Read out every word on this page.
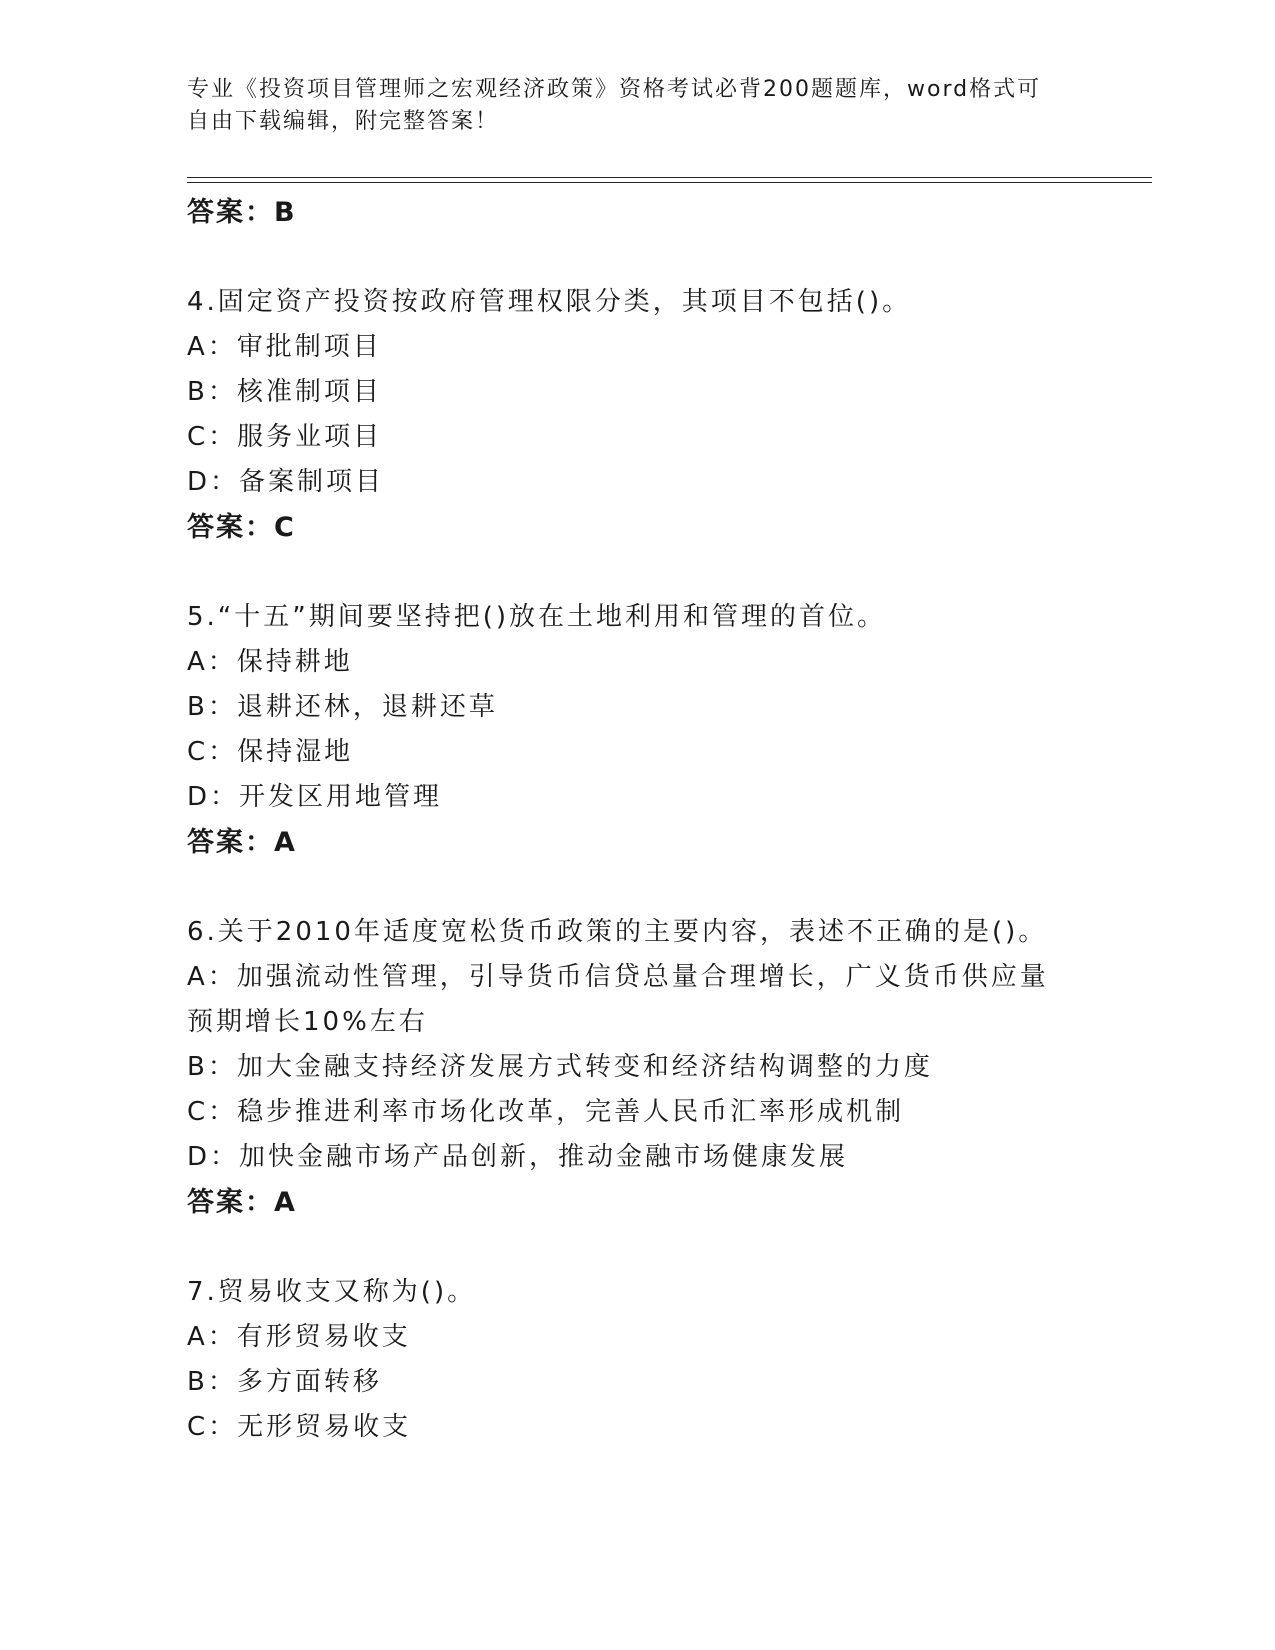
专业《投资项目管理师之宏观经济政策》资格考试必背200题题库，word格式可
自由下载编辑，附完整答案！
答案：B
4.固定资产投资按政府管理权限分类，其项目不包括()。
A：审批制项目
B：核准制项目
C：服务业项目
D：备案制项目
答案：C
5.“十五”期间要坚持把()放在土地利用和管理的首位。
A：保持耕地
B：退耕还林，退耕还草
C：保持湿地
D：开发区用地管理
答案：A
6.关于2010年适度宽松货币政策的主要内容，表述不正确的是()。
A：加强流动性管理，引导货币信贷总量合理增长，广义货币供应量预期增长10%左右
B：加大金融支持经济发展方式转变和经济结构调整的力度
C：稳步推进利率市场化改革，完善人民币汇率形成机制
D：加快金融市场产品创新，推动金融市场健康发展
答案：A
7.贸易收支又称为()。
A：有形贸易收支
B：多方面转移
C：无形贸易收支
